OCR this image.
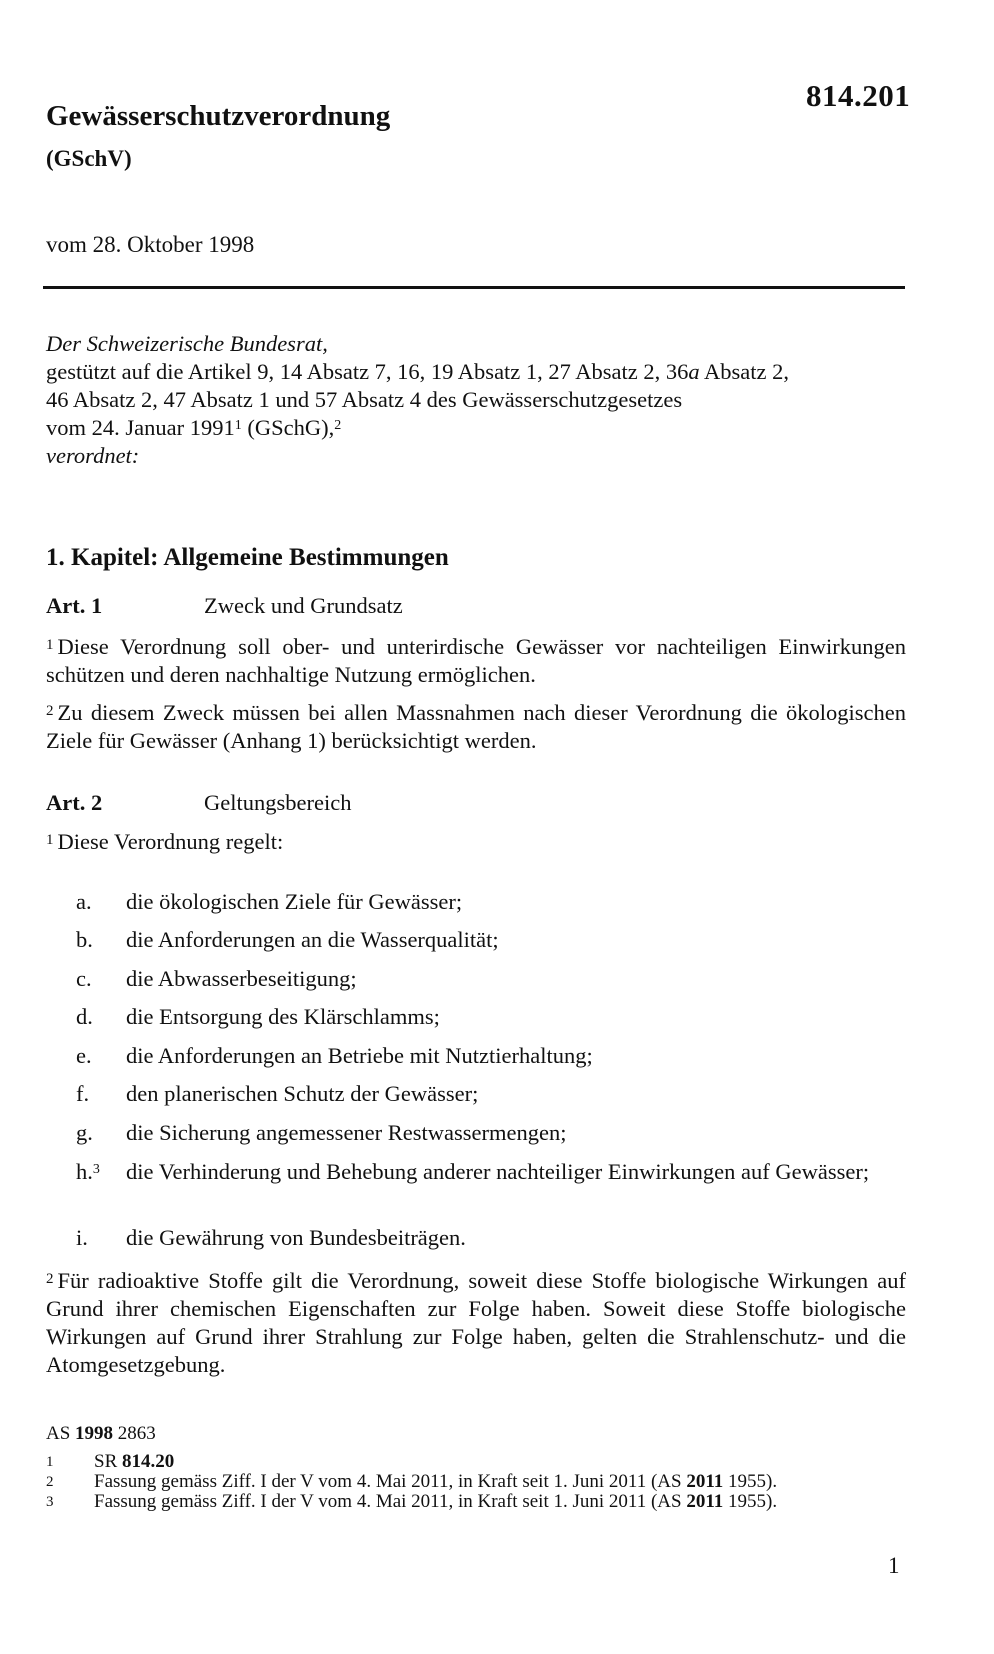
814.201
Gewässerschutzverordnung
(GSchV)
vom 28. Oktober 1998
Der Schweizerische Bundesrat,
gestützt auf die Artikel 9, 14 Absatz 7, 16, 19 Absatz 1, 27 Absatz 2, 36a Absatz 2,
46 Absatz 2, 47 Absatz 1 und 57 Absatz 4 des Gewässerschutzgesetzes
vom 24. Januar 1991$^1$ (GSchG),$^2$
verordnet:
1. Kapitel: Allgemeine Bestimmungen
Art. 1	Zweck und Grundsatz

$^1$ Diese Verordnung soll ober- und unterirdische Gewässer vor nachteiligen Einwirkungen schützen und deren nachhaltige Nutzung ermöglichen.

$^2$ Zu diesem Zweck müssen bei allen Massnahmen nach dieser Verordnung die ökologischen Ziele für Gewässer (Anhang 1) berücksichtigt werden.

Art. 2	Geltungsbereich

$^1$ Diese Verordnung regelt:

a.	die ökologischen Ziele für Gewässer;
b.	die Anforderungen an die Wasserqualität;
c.	die Abwasserbeseitigung;
d.	die Entsorgung des Klärschlamms;
e.	die Anforderungen an Betriebe mit Nutztierhaltung;
f.	den planerischen Schutz der Gewässer;
g.	die Sicherung angemessener Restwassermengen;
h.$^3$	die Verhinderung und Behebung anderer nachteiliger Einwirkungen auf Gewässer;
i.	die Gewährung von Bundesbeiträgen.

$^2$ Für radioaktive Stoffe gilt die Verordnung, soweit diese Stoffe biologische Wirkungen auf Grund ihrer chemischen Eigenschaften zur Folge haben. Soweit diese Stoffe biologische Wirkungen auf Grund ihrer Strahlung zur Folge haben, gelten die Strahlenschutz- und die Atomgesetzgebung.

AS 1998 2863
1	SR 814.20
2	Fassung gemäss Ziff. I der V vom 4. Mai 2011, in Kraft seit 1. Juni 2011 (AS 2011 1955).
3	Fassung gemäss Ziff. I der V vom 4. Mai 2011, in Kraft seit 1. Juni 2011 (AS 2011 1955).
1
